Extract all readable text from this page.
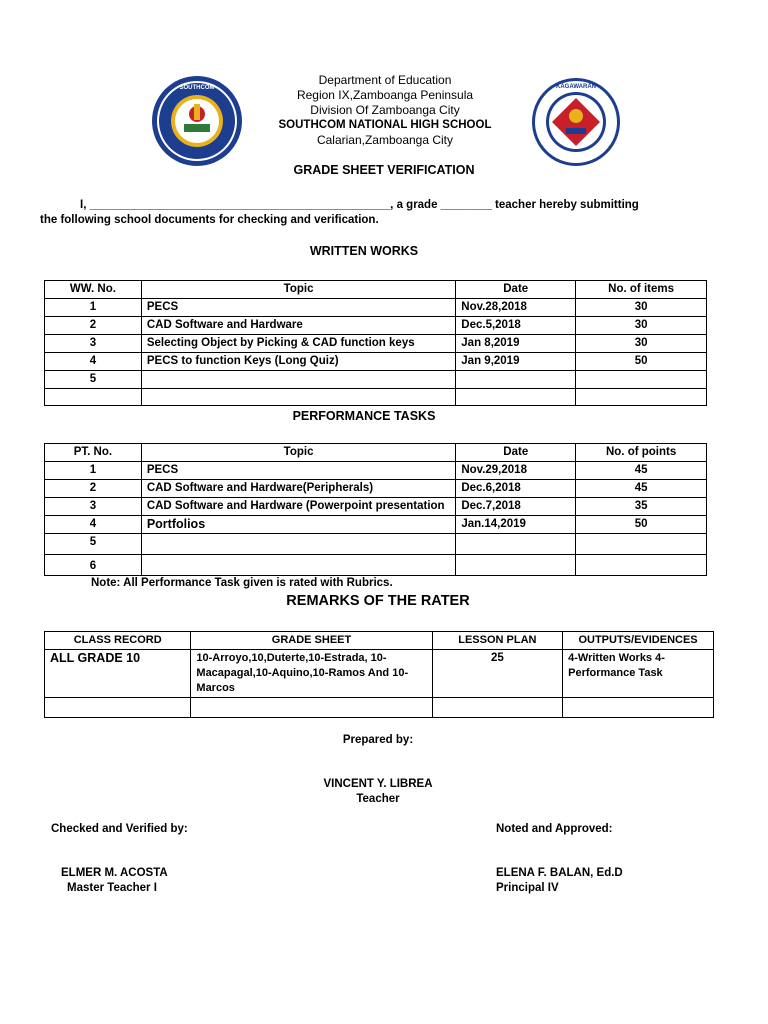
SOUTHCOM	KAGAWARAN
Department of Education
Region IX,Zamboanga Peninsula
Division Of Zamboanga City
SOUTHCOM NATIONAL HIGH SCHOOL
Calarian,Zamboanga City
GRADE SHEET VERIFICATION
I, _______________________________________________, a grade ________ teacher hereby submitting
the following school documents for checking and verification.
WRITTEN WORKS
WW. No.	Topic	Date	No. of items
1	PECS	Nov.28,2018	30
2	CAD Software and Hardware	Dec.5,2018	30
3	Selecting Object by Picking & CAD function keys	Jan 8,2019	30
4	PECS to function Keys (Long Quiz)	Jan 9,2019	50
5			

PERFORMANCE TASKS
PT. No.	Topic	Date	No. of points
1	PECS	Nov.29,2018	45
2	CAD Software and Hardware(Peripherals)	Dec.6,2018	45
3	CAD Software and Hardware (Powerpoint presentation	Dec.7,2018	35
4	Portfolios	Jan.14,2019	50
5			
6			
Note: All Performance Task given is rated with Rubrics.
REMARKS OF THE RATER
CLASS RECORD	GRADE SHEET	LESSON PLAN	OUTPUTS/EVIDENCES
ALL GRADE 10	10-Arroyo,10,Duterte,10-Estrada, 10-Macapagal,10-Aquino,10-Ramos And 10-Marcos	25	4-Written Works 4-Performance Task

Prepared by:
VINCENT Y. LIBREA
Teacher
Checked and Verified by:	Noted and Approved:
ELMER M. ACOSTA
Master Teacher I
ELENA F. BALAN, Ed.D
Principal IV
